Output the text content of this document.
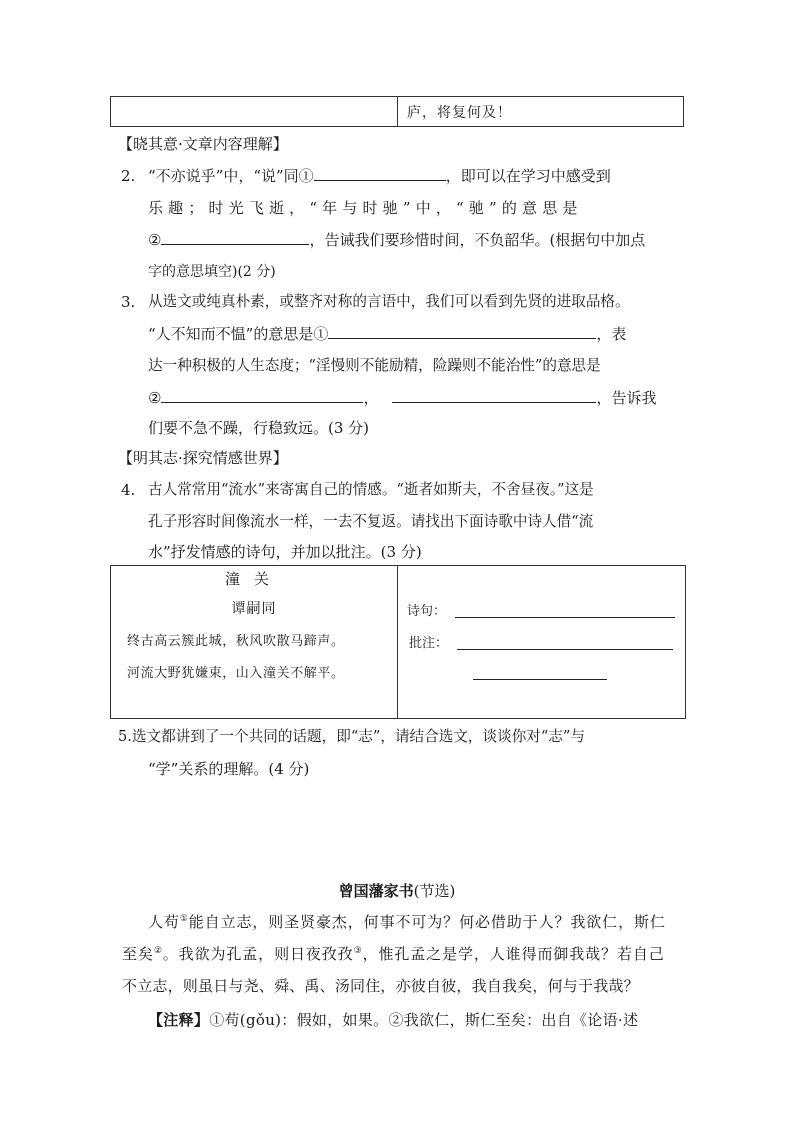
庐，将复何及！
【晓其意·文章内容理解】
2. “不亦说乎”中，“说”同①	，即可以在学习中感受到
乐 趣 ； 时 光 飞 逝 ， “ 年 与 时 驰 ” 中 ， “ 驰 ” 的 意 思 是
②	，告诫我们要珍惜时间，不负韶华。(根据句中加点
字的意思填空)(2 分)
3. 从选文或纯真朴素，或整齐对称的言语中，我们可以看到先贤的进取品格。
“人不知而不愠”的意思是①	，表
达一种积极的人生态度；“淫慢则不能励精，险躁则不能治性”的意思是
②	，	，告诉我
们要不急不躁，行稳致远。(3 分)
【明其志·探究情感世界】
4. 古人常常用“流水”来寄寓自己的情感。“逝者如斯夫，不舍昼夜。”这是
孔子形容时间像流水一样，一去不复返。请找出下面诗歌中诗人借“流
水”抒发情感的诗句，并加以批注。(3 分)
潼关
谭嗣同
终古高云簇此城，秋风吹散马蹄声。
河流大野犹嫌束，山入潼关不解平。
诗句：
批注：
5.选文都讲到了一个共同的话题，即“志”，请结合选文，谈谈你对“志”与
“学”关系的理解。(4 分)
曾国藩家书(节选)
人苟①能自立志，则圣贤豪杰，何事不可为？何必借助于人？我欲仁，斯仁
至矣②。我欲为孔孟，则日夜孜孜③，惟孔孟之是学，人谁得而御我哉？若自己
不立志，则虽日与尧、舜、禹、汤同住，亦彼自彼，我自我矣，何与于我哉？
【注释】①苟(gǒu)：假如，如果。②我欲仁，斯仁至矣：出自《论语·述
